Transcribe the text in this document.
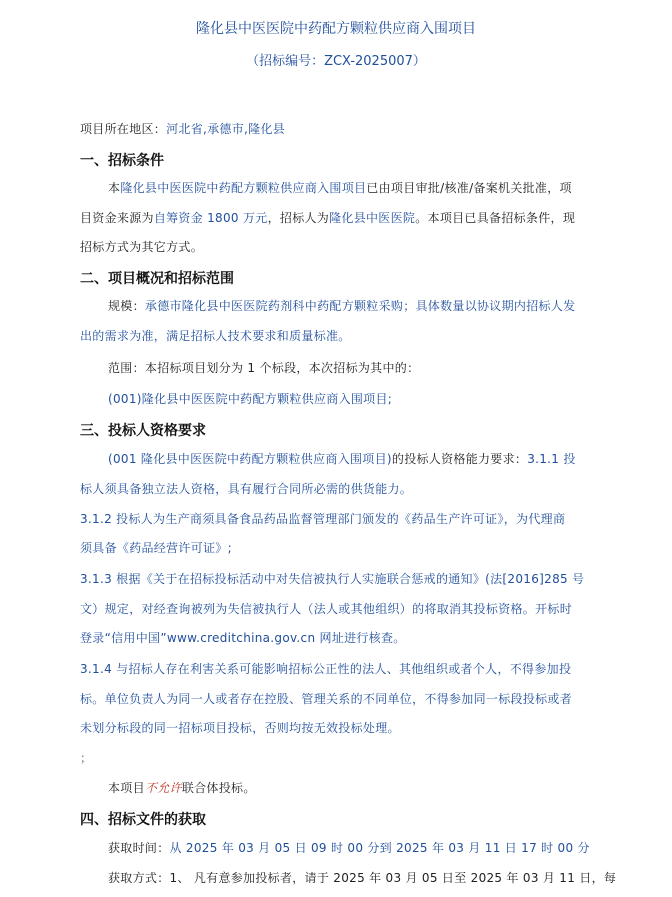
隆化县中医医院中药配方颗粒供应商入围项目
（招标编号：ZCX-2025007）
项目所在地区：河北省,承德市,隆化县
一、招标条件
本隆化县中医医院中药配方颗粒供应商入围项目已由项目审批/核准/备案机关批准，项
目资金来源为自筹资金 1800 万元，招标人为隆化县中医医院。本项目已具备招标条件，现
招标方式为其它方式。
二、项目概况和招标范围
规模：承德市隆化县中医医院药剂科中药配方颗粒采购；具体数量以协议期内招标人发
出的需求为准，满足招标人技术要求和质量标准。
范围：本招标项目划分为 1 个标段，本次招标为其中的：
(001)隆化县中医医院中药配方颗粒供应商入围项目;
三、投标人资格要求
(001 隆化县中医医院中药配方颗粒供应商入围项目)的投标人资格能力要求：3.1.1 投
标人须具备独立法人资格，具有履行合同所必需的供货能力。
3.1.2 投标人为生产商须具备食品药品监督管理部门颁发的《药品生产许可证》，为代理商
须具备《药品经营许可证》;
3.1.3 根据《关于在招标投标活动中对失信被执行人实施联合惩戒的通知》(法[2016]285 号
文）规定，对经查询被列为失信被执行人（法人或其他组织）的将取消其投标资格。开标时
登录“信用中国”www.creditchina.gov.cn 网址进行核查。
3.1.4 与招标人存在利害关系可能影响招标公正性的法人、其他组织或者个人，不得参加投
标。单位负责人为同一人或者存在控股、管理关系的不同单位，不得参加同一标段投标或者
未划分标段的同一招标项目投标，否则均按无效投标处理。
；
本项目不允许联合体投标。
四、招标文件的获取
获取时间：从 2025 年 03 月 05 日 09 时 00 分到 2025 年 03 月 11 日 17 时 00 分
获取方式：1、 凡有意参加投标者，请于 2025 年 03 月 05 日至 2025 年 03 月 11 日，每
